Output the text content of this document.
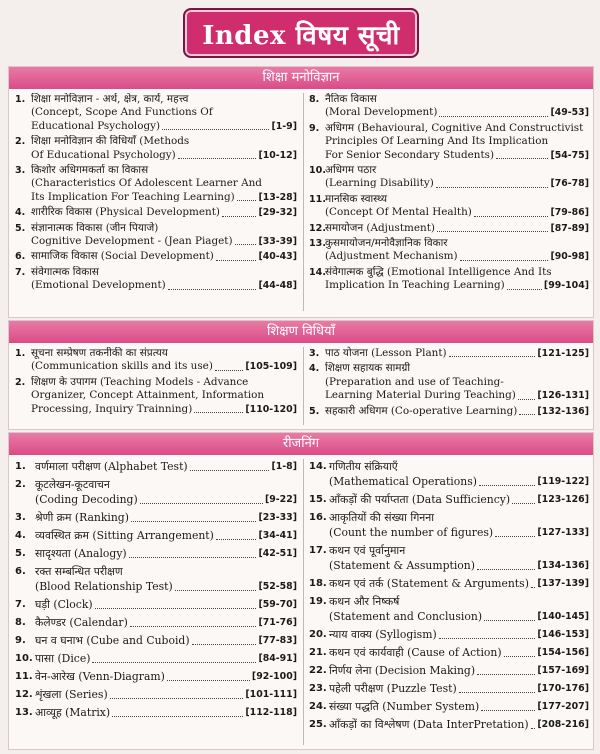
Index विषय सूची
शिक्षा मनोविज्ञान
1. शिक्षा मनोविज्ञान - अर्थ, क्षेत्र, कार्य, महत्त्व
(Concept, Scope And Functions Of
Educational Psychology)	[1-9]
2. शिक्षा मनोविज्ञान की विधियाँ (Methods
Of Educational Psychology)	[10-12]
3. किशोर अधिगमकर्ता का विकास
(Characteristics Of Adolescent Learner And
Its Implication For Teaching Learning)	[13-28]
4. शारीरिक विकास (Physical Development)	[29-32]
5. संज्ञानात्मक विकास (जीन पियाजे)
Cognitive Development - (Jean Piaget)	[33-39]
6. सामाजिक विकास (Social Development)	[40-43]
7. संवेगात्मक विकास
(Emotional Development)	[44-48]
8. नैतिक विकास
(Moral Development)	[49-53]
9. अधिगम (Behavioural, Cognitive And Constructivist
Principles Of Learning And Its Implication
For Senior Secondary Students)	[54-75]
10. अधिगम पठार
(Learning Disability)	[76-78]
11. मानसिक स्वास्थ्य
(Concept Of Mental Health)	[79-86]
12. समायोजन (Adjustment)	[87-89]
13. कुसमायोजन/मनोवैज्ञानिक विकार
(Adjustment Mechanism)	[90-98]
14. संवेगात्मक बुद्धि (Emotional Intelligence And Its
Implication In Teaching Learning)	[99-104]
शिक्षण विधियाँ
1. सूचना सम्प्रेषण तकनीकी का संप्रत्यय
(Communication skills and its use)	[105-109]
2. शिक्षण के उपागम (Teaching Models - Advance
Organizer, Concept Attainment, Information
Processing, Inquiry Trainning)	[110-120]
3. पाठ योजना (Lesson Plant)	[121-125]
4. शिक्षण सहायक सामग्री
(Preparation and use of Teaching-
Learning Material During Teaching) [126-131]
5. सहकारी अधिगम (Co-operative Learning) [132-136]
रीजनिंग
1. वर्णमाला परीक्षण (Alphabet Test)	[1-8]
2. कूटलेखन-कूटवाचन
(Coding Decoding)	[9-22]
3. श्रेणी क्रम (Ranking)	[23-33]
4. व्यवस्थित क्रम (Sitting Arrangement)	[34-41]
5. सादृश्यता (Analogy)	[42-51]
6. रक्त सम्बन्धित परीक्षण
(Blood Relationship Test)	[52-58]
7. घड़ी (Clock)	[59-70]
8. कैलेण्डर (Calendar)	[71-76]
9. घन व घनाभ (Cube and Cuboid)	[77-83]
10. पासा (Dice)	[84-91]
11. वेन-आरेख (Venn-Diagram)	[92-100]
12. शृंखला (Series)	[101-111]
13. आव्यूह (Matrix)	[112-118]
14. गणितीय संक्रियाएँ
(Mathematical Operations)	[119-122]
15. आँकड़ों की पर्याप्तता (Data Sufficiency)	[123-126]
16. आकृतियों की संख्या गिनना
(Count the number of figures)	[127-133]
17. कथन एवं पूर्वानुमान
(Statement & Assumption)	[134-136]
18. कथन एवं तर्क (Statement & Arguments) [137-139]
19. कथन और निष्कर्ष
(Statement and Conclusion)	[140-145]
20. न्याय वाक्य (Syllogism)	[146-153]
21. कथन एवं कार्यवाही (Cause of Action)	[154-156]
22. निर्णय लेना (Decision Making)	[157-169]
23. पहेली परीक्षण (Puzzle Test)	[170-176]
24. संख्या पद्धति (Number System)	[177-207]
25. आँकड़ों का विश्लेषण (Data InterPretation) [208-216]
